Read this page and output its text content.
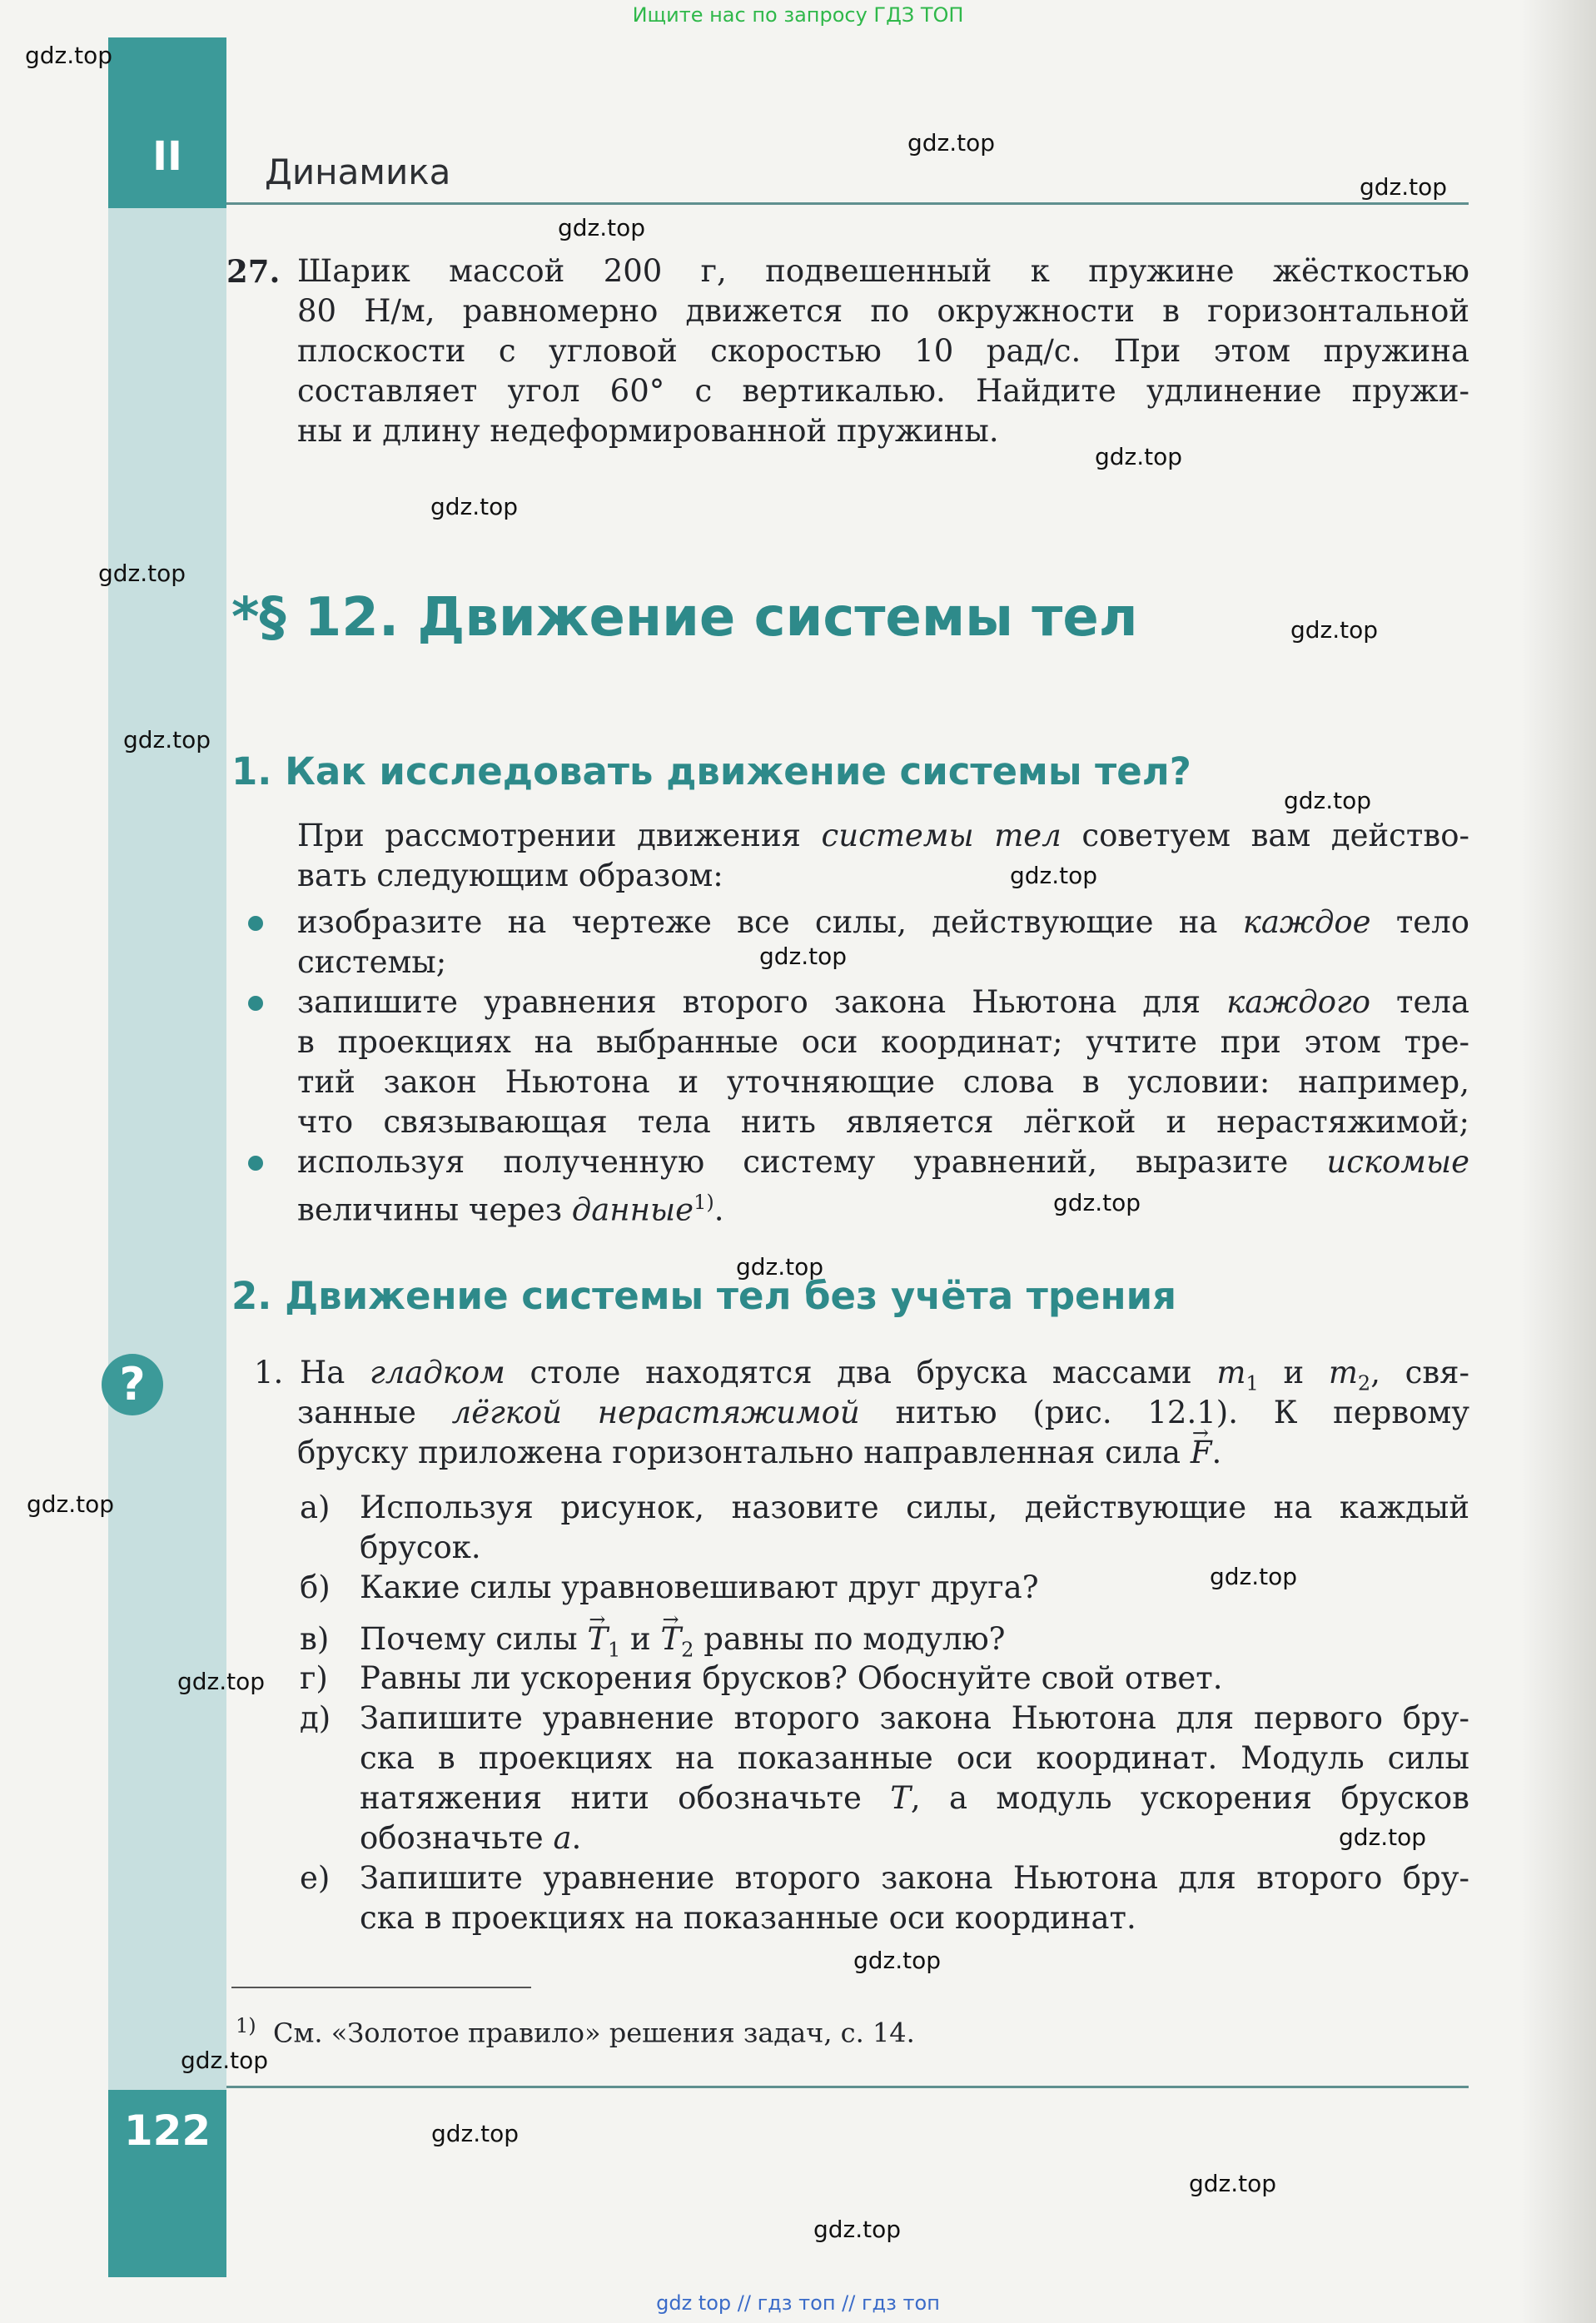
Ищите нас по запросу ГДЗ ТОП
II	Динамика
27. Шарик массой 200 г, подвешенный к пружине жёсткостью
80 Н/м, равномерно движется по окружности в горизонтальной
плоскости с угловой скоростью 10 рад/с. При этом пружина
составляет угол 60° с вертикалью. Найдите удлинение пружи-
ны и длину недеформированной пружины.
*§ 12. Движение системы тел
1. Как исследовать движение системы тел?
При рассмотрении движения системы тел советуем вам действо-
вать следующим образом:
изобразите на чертеже все силы, действующие на каждое тело
системы;
запишите уравнения второго закона Ньютона для каждого тела
в проекциях на выбранные оси координат; учтите при этом тре-
тий закон Ньютона и уточняющие слова в условии: например,
что связывающая тела нить является лёгкой и нерастяжимой;
используя полученную систему уравнений, выразите искомые
величины через данные$^{1)}$.
2. Движение системы тел без учёта трения
?	1. На гладком столе находятся два бруска массами $m_1$ и $m_2$, свя-
занные лёгкой нерастяжимой нитью (рис. 12.1). К первому
бруску приложена горизонтально направленная сила → F.
а) Используя рисунок, назовите силы, действующие на каждый
брусок.
б) Какие силы уравновешивают друг друга?
в) Почему силы → $T_1$ $и \to T_2$ равны по модулю?
г) Равны ли ускорения брусков? Обоснуйте свой ответ.
д) Запишите уравнение второго закона Ньютона для первого бру-
ска в проекциях на показанные оси координат. Модуль силы
натяжения нити обозначьте T, а модуль ускорения брусков
обозначьте a.
е) Запишите уравнение второго закона Ньютона для второго бру-
ска в проекциях на показанные оси координат.
$^{1)}$ См. «Золотое правило» решения задач, с. 14.
122
gdz.top
gdz.top
gdz.top
gdz.top
gdz.top
gdz.top
gdz.top
gdz.top
gdz.top
gdz.top
gdz.top
gdz.top
gdz.top
gdz.top
gdz.top
gdz.top
gdz.top
gdz.top
gdz.top
gdz.top
gdz.top
gdz.top
gdz.top
gdz top // гдз топ // гдз топ
